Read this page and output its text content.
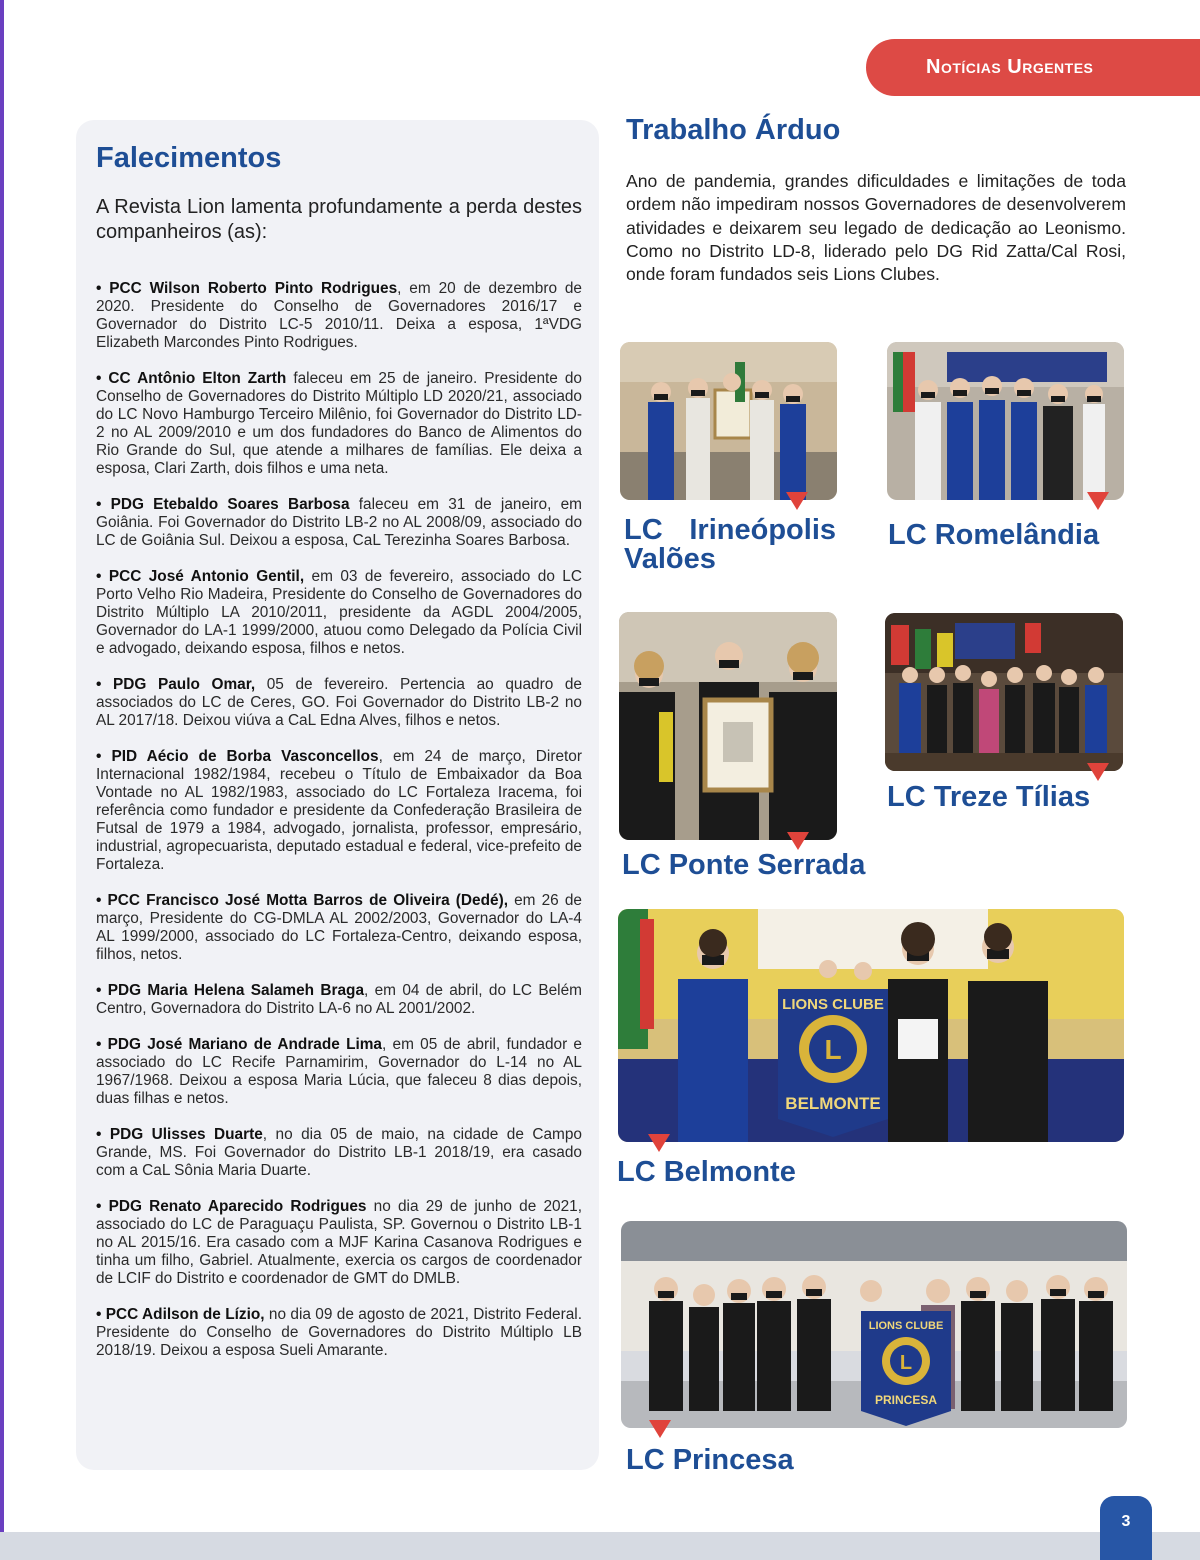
Notícias Urgentes
Falecimentos

A Revista Lion lamenta profundamente a perda destes companheiros (as):

• PCC Wilson Roberto Pinto Rodrigues, em 20 de dezembro de 2020. Presidente do Conselho de Governadores 2016/17 e Governador do Distrito LC-5 2010/11. Deixa a esposa, 1ªVDG Elizabeth Marcondes Pinto Rodrigues.

• CC Antônio Elton Zarth faleceu em 25 de janeiro. Presidente do Conselho de Governadores do Distrito Múltiplo LD 2020/21, associado do LC Novo Hamburgo Terceiro Milênio, foi Governador do Distrito LD-2 no AL 2009/2010 e um dos fundadores do Banco de Alimentos do Rio Grande do Sul, que atende a milhares de famílias. Ele deixa a esposa, Clari Zarth, dois filhos e uma neta.

• PDG Etebaldo Soares Barbosa faleceu em 31 de janeiro, em Goiânia. Foi Governador do Distrito LB-2 no AL 2008/09, associado do LC de Goiânia Sul. Deixou a esposa, CaL Terezinha Soares Barbosa.

• PCC José Antonio Gentil, em 03 de fevereiro, associado do LC Porto Velho Rio Madeira, Presidente do Conselho de Governadores do Distrito Múltiplo LA 2010/2011, presidente da AGDL 2004/2005, Governador do LA-1 1999/2000, atuou como Delegado da Polícia Civil e advogado, deixando esposa, filhos e netos.

• PDG Paulo Omar, 05 de fevereiro. Pertencia ao quadro de associados do LC de Ceres, GO. Foi Governador do Distrito LB-2 no AL 2017/18. Deixou viúva a CaL Edna Alves, filhos e netos.

• PID Aécio de Borba Vasconcellos, em 24 de março, Diretor Internacional 1982/1984, recebeu o Título de Embaixador da Boa Vontade no AL 1982/1983, associado do LC Fortaleza Iracema, foi referência como fundador e presidente da Confederação Brasileira de Futsal de 1979 a 1984, advogado, jornalista, professor, empresário, industrial, agropecuarista, deputado estadual e federal, vice-prefeito de Fortaleza.

• PCC Francisco José Motta Barros de Oliveira (Dedé), em 26 de março, Presidente do CG-DMLA AL 2002/2003, Governador do LA-4 AL 1999/2000, associado do LC Fortaleza-Centro, deixando esposa, filhos, netos.

• PDG Maria Helena Salameh Braga, em 04 de abril, do LC Belém Centro, Governadora do Distrito LA-6 no AL 2001/2002.

• PDG José Mariano de Andrade Lima, em 05 de abril, fundador e associado do LC Recife Parnamirim, Governador do L-14 no AL 1967/1968. Deixou a esposa Maria Lúcia, que faleceu 8 dias depois, duas filhas e netos.

• PDG Ulisses Duarte, no dia 05 de maio, na cidade de Campo Grande, MS. Foi Governador do Distrito LB-1 2018/19, era casado com a CaL Sônia Maria Duarte.

• PDG Renato Aparecido Rodrigues no dia 29 de junho de 2021, associado do LC de Paraguaçu Paulista, SP. Governou o Distrito LB-1 no AL 2015/16. Era casado com a MJF Karina Casanova Rodrigues e tinha um filho, Gabriel. Atualmente, exercia os cargos de coordenador de LCIF do Distrito e coordenador de GMT do DMLB.

• PCC Adilson de Lízio, no dia 09 de agosto de 2021, Distrito Federal. Presidente do Conselho de Governadores do Distrito Múltiplo LB 2018/19. Deixou a esposa Sueli Amarante.

Trabalho Árduo

Ano de pandemia, grandes dificuldades e limitações de toda ordem não impediram nossos Governadores de desenvolverem atividades e deixarem seu legado de dedicação ao Leonismo. Como no Distrito LD-8, liderado pelo DG Rid Zatta/Cal Rosi, onde foram fundados seis Lions Clubes.

LC Irineópolis Valões

LC Romelândia

LC Ponte Serrada

LC Treze Tílias

L
LIONS CLUBE
BELMONTE

LC Belmonte

L
LIONS CLUBE
PRINCESA

LC Princesa

3
